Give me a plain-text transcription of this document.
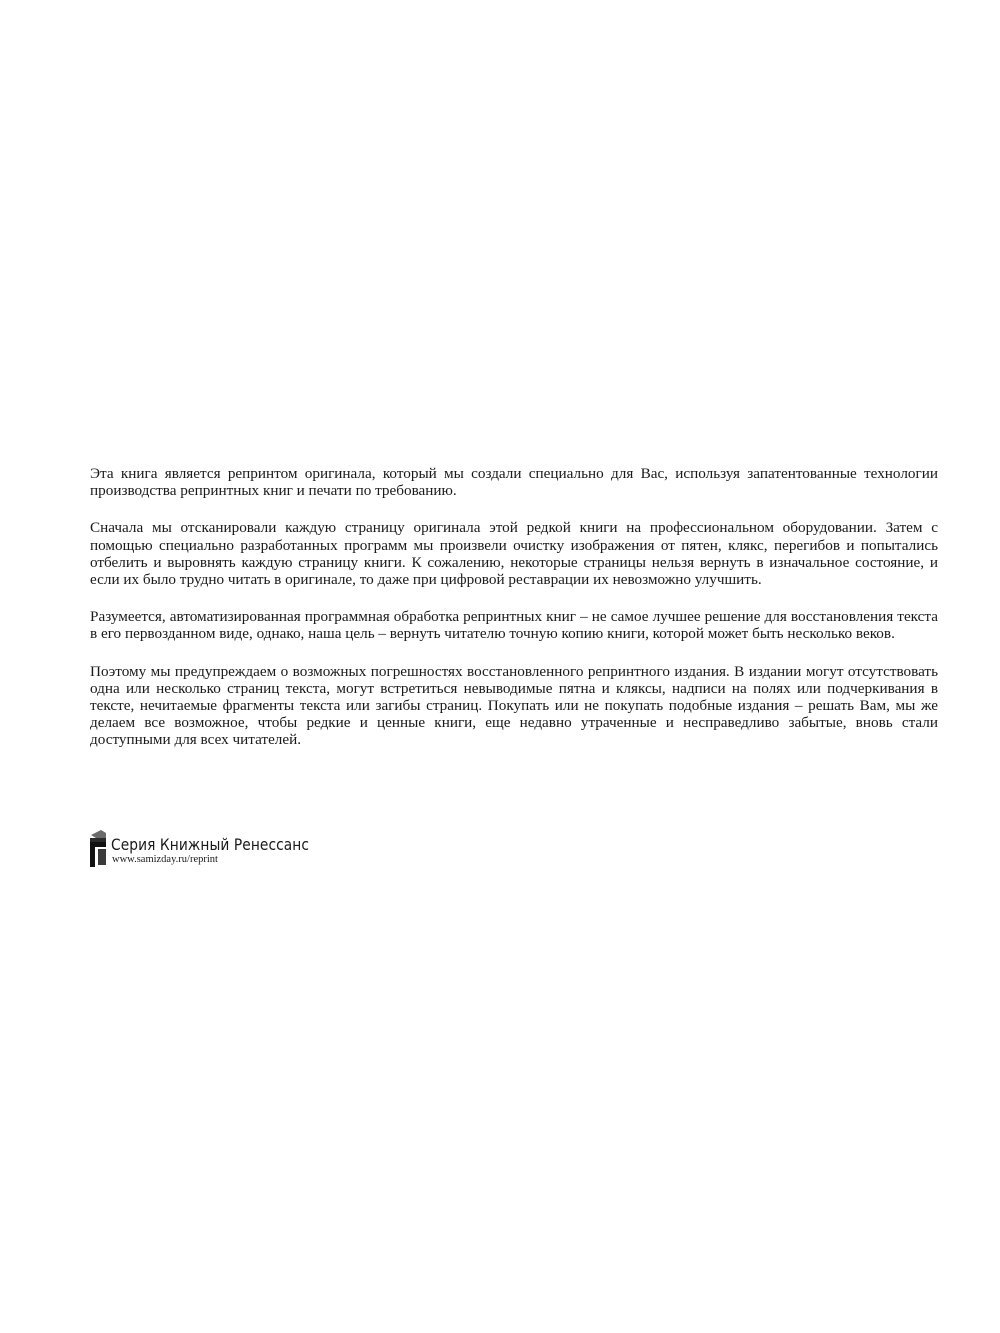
Эта книга является репринтом оригинала, который мы создали специально для Вас, используя запатентованные технологии производства репринтных книг и печати по требованию.

Сначала мы отсканировали каждую страницу оригинала этой редкой книги на профессиональном оборудовании. Затем с помощью специально разработанных программ мы произвели очистку изображения от пятен, клякс, перегибов и попытались отбелить и выровнять каждую страницу книги. К сожалению, некоторые страницы нельзя вернуть в изначальное состояние, и если их было трудно читать в оригинале, то даже при цифровой реставрации их невозможно улучшить.

Разумеется, автоматизированная программная обработка репринтных книг – не самое лучшее решение для восстановления текста в его первозданном виде, однако, наша цель – вернуть читателю точную копию книги, которой может быть несколько веков.

Поэтому мы предупреждаем о возможных погрешностях восстановленного репринтного издания. В издании могут отсутствовать одна или несколько страниц текста, могут встретиться невыводимые пятна и кляксы, надписи на полях или подчеркивания в тексте, нечитаемые фрагменты текста или загибы страниц. Покупать или не покупать подобные издания – решать Вам, мы же делаем все возможное, чтобы редкие и ценные книги, еще недавно утраченные и несправедливо забытые, вновь стали доступными для всех читателей.

Серия Книжный Ренессанс
www.samizday.ru/reprint
